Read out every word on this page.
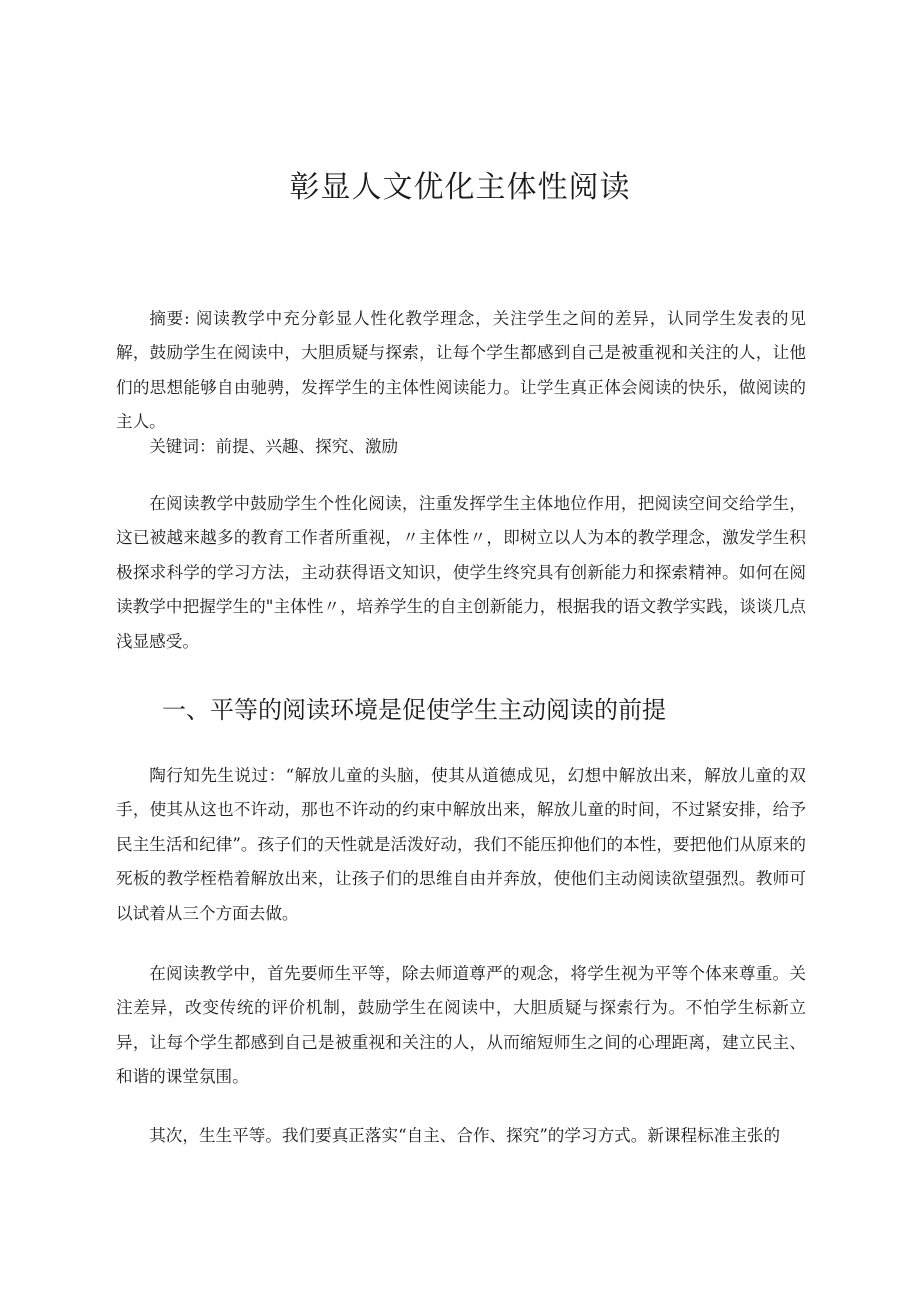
彰显人文优化主体性阅读

摘要: 阅读教学中充分彰显人性化教学理念，关注学生之间的差异，认同学生发表的见解，鼓励学生在阅读中，大胆质疑与探索，让每个学生都感到自己是被重视和关注的人，让他们的思想能够自由驰骋，发挥学生的主体性阅读能力。让学生真正体会阅读的快乐，做阅读的主人。

关键词：前提、兴趣、探究、激励

在阅读教学中鼓励学生个性化阅读，注重发挥学生主体地位作用，把阅读空间交给学生，这已被越来越多的教育工作者所重视，〃主体性〃，即树立以人为本的教学理念，激发学生积极探求科学的学习方法，主动获得语文知识，使学生终究具有创新能力和探索精神。如何在阅读教学中把握学生的"主体性〃，培养学生的自主创新能力，根据我的语文教学实践，谈谈几点浅显感受。

一、平等的阅读环境是促使学生主动阅读的前提

陶行知先生说过：“解放儿童的头脑，使其从道德成见，幻想中解放出来，解放儿童的双手，使其从这也不许动，那也不许动的约束中解放出来，解放儿童的时间，不过紧安排，给予民主生活和纪律”。孩子们的天性就是活泼好动，我们不能压抑他们的本性，要把他们从原来的死板的教学桎梏着解放出来，让孩子们的思维自由并奔放，使他们主动阅读欲望强烈。教师可以试着从三个方面去做。

在阅读教学中，首先要师生平等，除去师道尊严的观念，将学生视为平等个体来尊重。关注差异，改变传统的评价机制，鼓励学生在阅读中，大胆质疑与探索行为。不怕学生标新立异，让每个学生都感到自己是被重视和关注的人，从而缩短师生之间的心理距离，建立民主、和谐的课堂氛围。

其次，生生平等。我们要真正落实“自主、合作、探究”的学习方式。新课程标准主张的
